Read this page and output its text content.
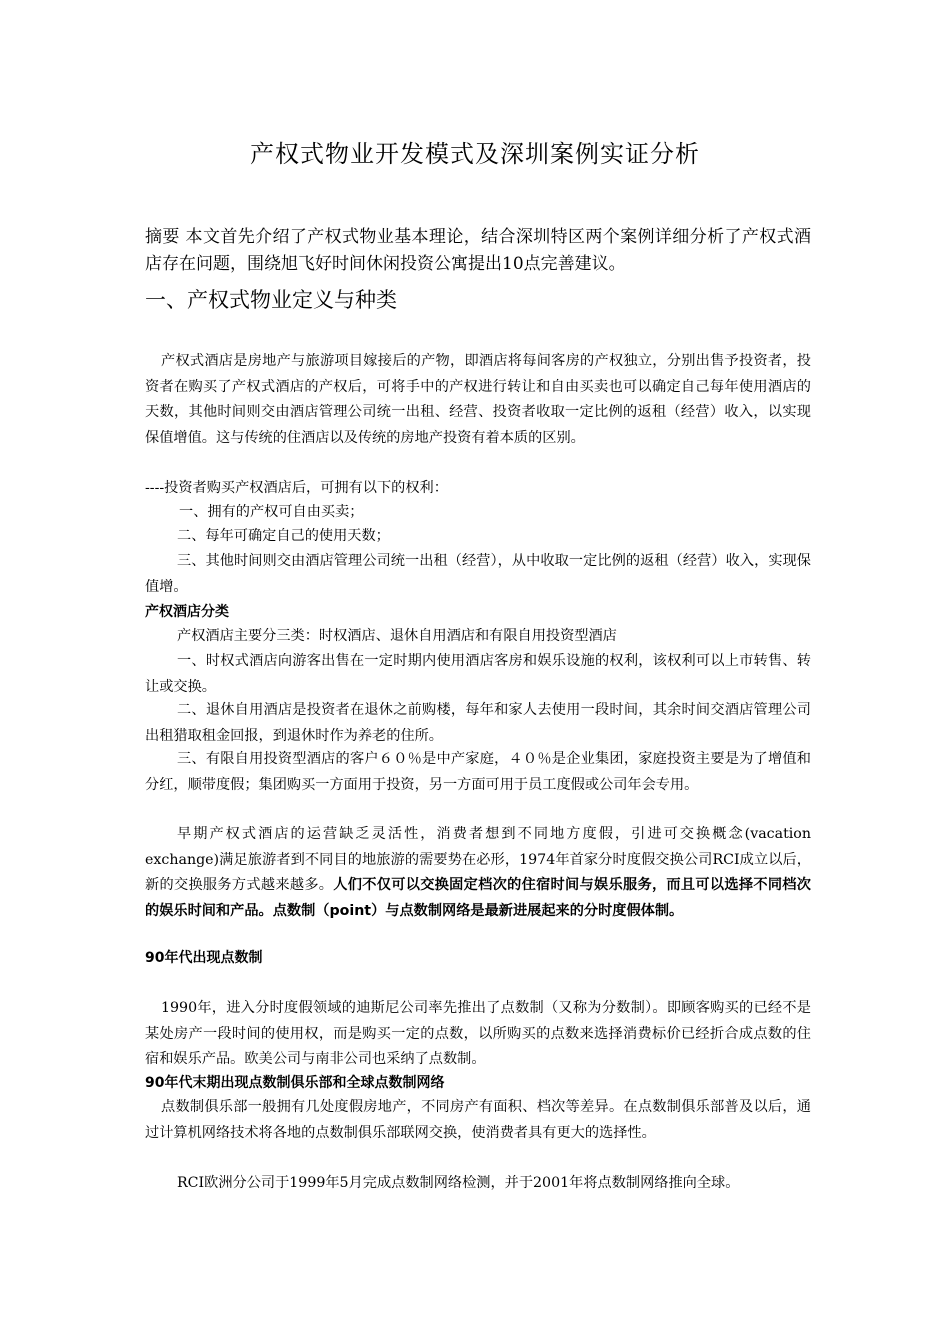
产权式物业开发模式及深圳案例实证分析

摘要 本文首先介绍了产权式物业基本理论，结合深圳特区两个案例详细分析了产权式酒店存在问题，围绕旭飞好时间休闲投资公寓提出10点完善建议。

一、产权式物业定义与种类

产权式酒店是房地产与旅游项目嫁接后的产物，即酒店将每间客房的产权独立，分别出售予投资者，投资者在购买了产权式酒店的产权后，可将手中的产权进行转让和自由买卖也可以确定自己每年使用酒店的天数，其他时间则交由酒店管理公司统一出租、经营、投资者收取一定比例的返租（经营）收入，以实现保值增值。这与传统的住酒店以及传统的房地产投资有着本质的区别。

----投资者购买产权酒店后，可拥有以下的权利：

一、拥有的产权可自由买卖；

二、每年可确定自己的使用天数；

三、其他时间则交由酒店管理公司统一出租（经营），从中收取一定比例的返租（经营）收入，实现保值增。

产权酒店分类

产权酒店主要分三类：时权酒店、退休自用酒店和有限自用投资型酒店

一、时权式酒店向游客出售在一定时期内使用酒店客房和娱乐设施的权利，该权利可以上市转售、转让或交换。

二、退休自用酒店是投资者在退休之前购楼，每年和家人去使用一段时间，其余时间交酒店管理公司出租猎取租金回报，到退休时作为养老的住所。

三、有限自用投资型酒店的客户６０％是中产家庭，４０％是企业集团，家庭投资主要是为了增值和分红，顺带度假；集团购买一方面用于投资，另一方面可用于员工度假或公司年会专用。

早期产权式酒店的运营缺乏灵活性，消费者想到不同地方度假，引进可交换概念(vacation exchange)满足旅游者到不同目的地旅游的需要势在必形，1974年首家分时度假交换公司RCI成立以后，新的交换服务方式越来越多。人们不仅可以交换固定档次的住宿时间与娱乐服务，而且可以选择不同档次的娱乐时间和产品。点数制（point）与点数制网络是最新进展起来的分时度假体制。

90年代出现点数制

1990年，进入分时度假领域的迪斯尼公司率先推出了点数制（又称为分数制）。即顾客购买的已经不是某处房产一段时间的使用权，而是购买一定的点数，以所购买的点数来选择消费标价已经折合成点数的住宿和娱乐产品。欧美公司与南非公司也采纳了点数制。

90年代末期出现点数制俱乐部和全球点数制网络

点数制俱乐部一般拥有几处度假房地产，不同房产有面积、档次等差异。在点数制俱乐部普及以后，通过计算机网络技术将各地的点数制俱乐部联网交换，使消费者具有更大的选择性。

RCI欧洲分公司于1999年5月完成点数制网络检测，并于2001年将点数制网络推向全球。
